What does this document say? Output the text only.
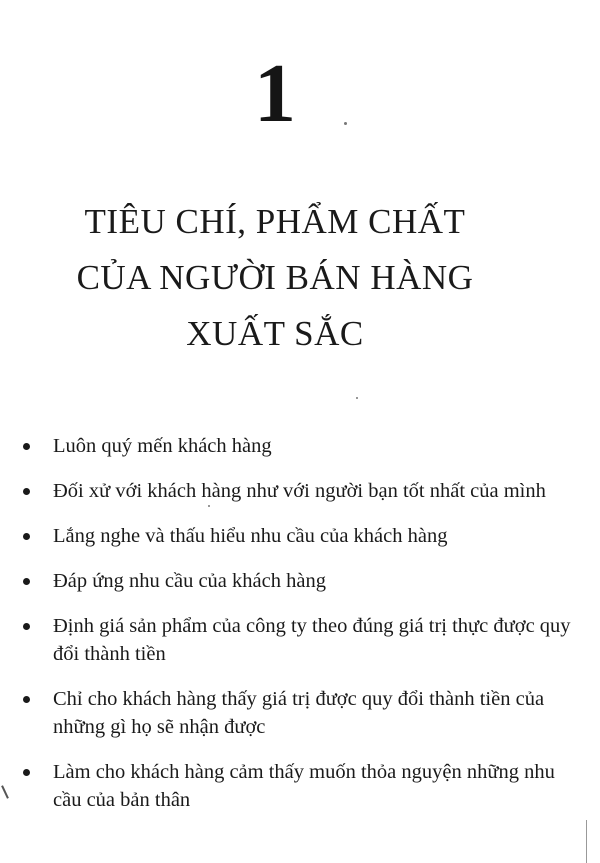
1
TIÊU CHÍ, PHẨM CHẤT
CỦA NGƯỜI BÁN HÀNG
XUẤT SẮC
Luôn quý mến khách hàng
Đối xử với khách hàng như với người bạn tốt nhất của mình
Lắng nghe và thấu hiểu nhu cầu của khách hàng
Đáp ứng nhu cầu của khách hàng
Định giá sản phẩm của công ty theo đúng giá trị thực được quy đổi thành tiền
Chỉ cho khách hàng thấy giá trị được quy đổi thành tiền của những gì họ sẽ nhận được
Làm cho khách hàng cảm thấy muốn thỏa nguyện những nhu cầu của bản thân
